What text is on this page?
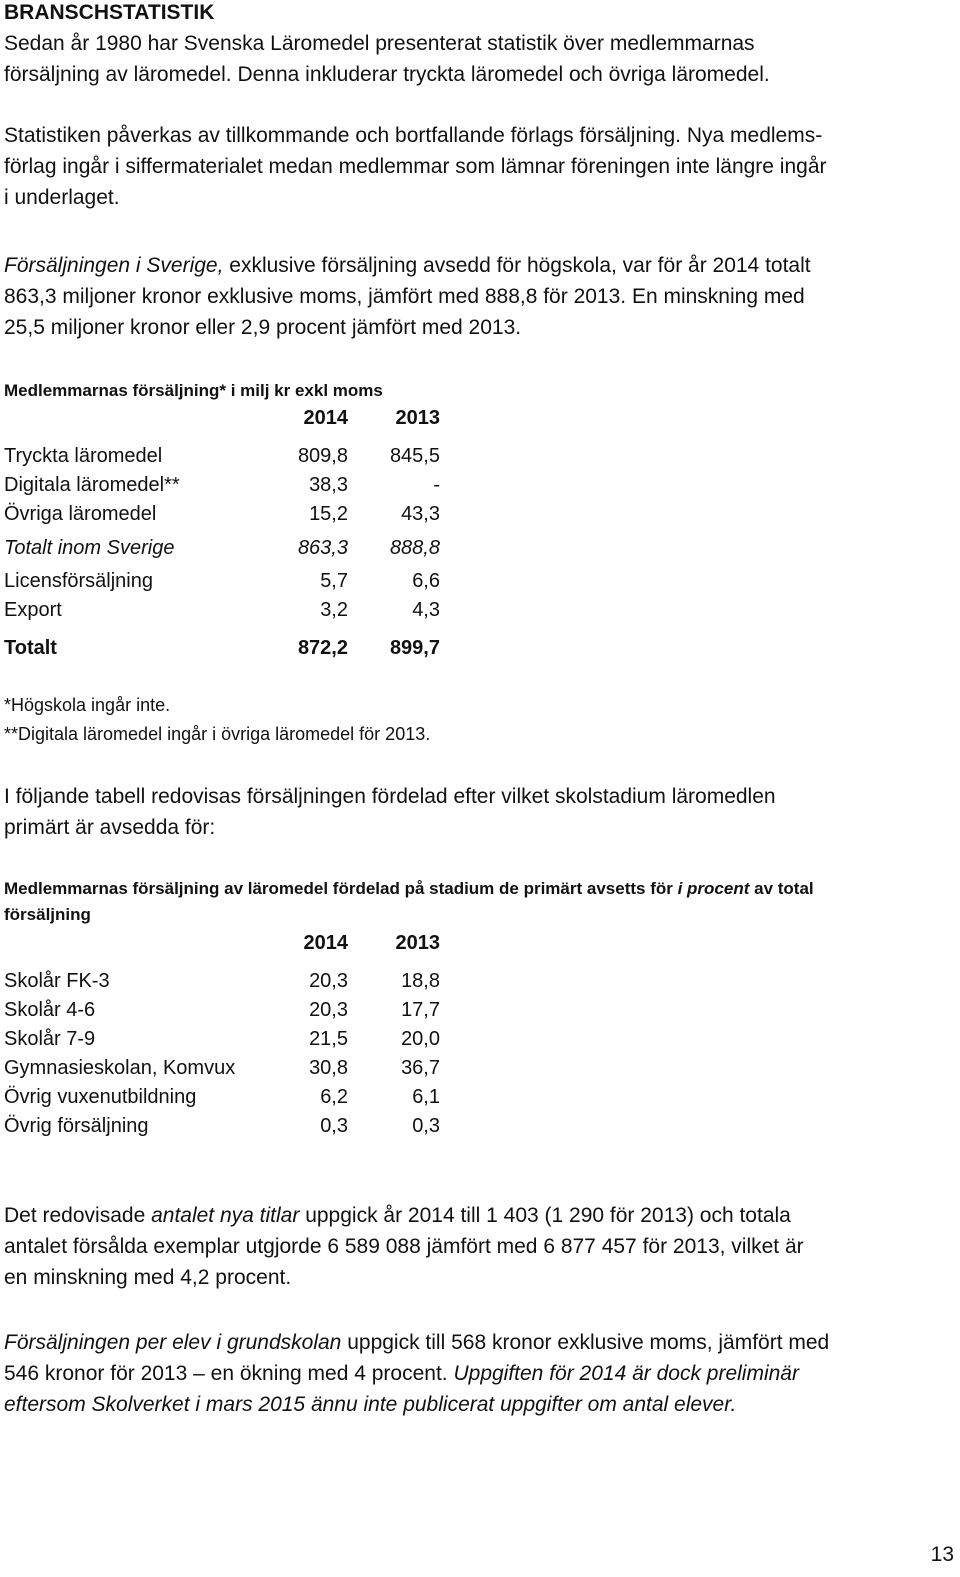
BRANSCHSTATISTIK
Sedan år 1980 har Svenska Läromedel presenterat statistik över medlemmarnas
försäljning av läromedel. Denna inkluderar tryckta läromedel och övriga läromedel.
Statistiken påverkas av tillkommande och bortfallande förlags försäljning. Nya medlems-
förlag ingår i siffermaterialet medan medlemmar som lämnar föreningen inte längre ingår
i underlaget.
Försäljningen i Sverige, exklusive försäljning avsedd för högskola, var för år 2014 totalt
863,3 miljoner kronor exklusive moms, jämfört med 888,8 för 2013. En minskning med
25,5 miljoner kronor eller 2,9 procent jämfört med 2013.
Medlemmarnas försäljning* i milj kr exkl moms
2014 2013
Tryckta läromedel	809,8 845,5
Digitala läromedel**	38,3	-
Övriga läromedel	15,2	43,3
Totalt inom Sverige	863,3 888,8
Licensförsäljning	5,7	6,6
Export	3,2	4,3
Totalt	872,2 899,7
*Högskola ingår inte.
**Digitala läromedel ingår i övriga läromedel för 2013.
I följande tabell redovisas försäljningen fördelad efter vilket skolstadium läromedlen
primärt är avsedda för:
Medlemmarnas försäljning av läromedel fördelad på stadium de primärt avsetts för i procent av total
försäljning
2014 2013
Skolår FK-3	20,3	18,8
Skolår 4-6	20,3	17,7
Skolår 7-9	21,5	20,0
Gymnasieskolan, Komvux	30,8	36,7
Övrig vuxenutbildning	6,2	6,1
Övrig försäljning	0,3	0,3
Det redovisade antalet nya titlar uppgick år 2014 till 1 403 (1 290 för 2013) och totala
antalet försålda exemplar utgjorde 6 589 088 jämfört med 6 877 457 för 2013, vilket är
en minskning med 4,2 procent.
Försäljningen per elev i grundskolan uppgick till 568 kronor exklusive moms, jämfört med
546 kronor för 2013 – en ökning med 4 procent. Uppgiften för 2014 är dock preliminär
eftersom Skolverket i mars 2015 ännu inte publicerat uppgifter om antal elever.
13
